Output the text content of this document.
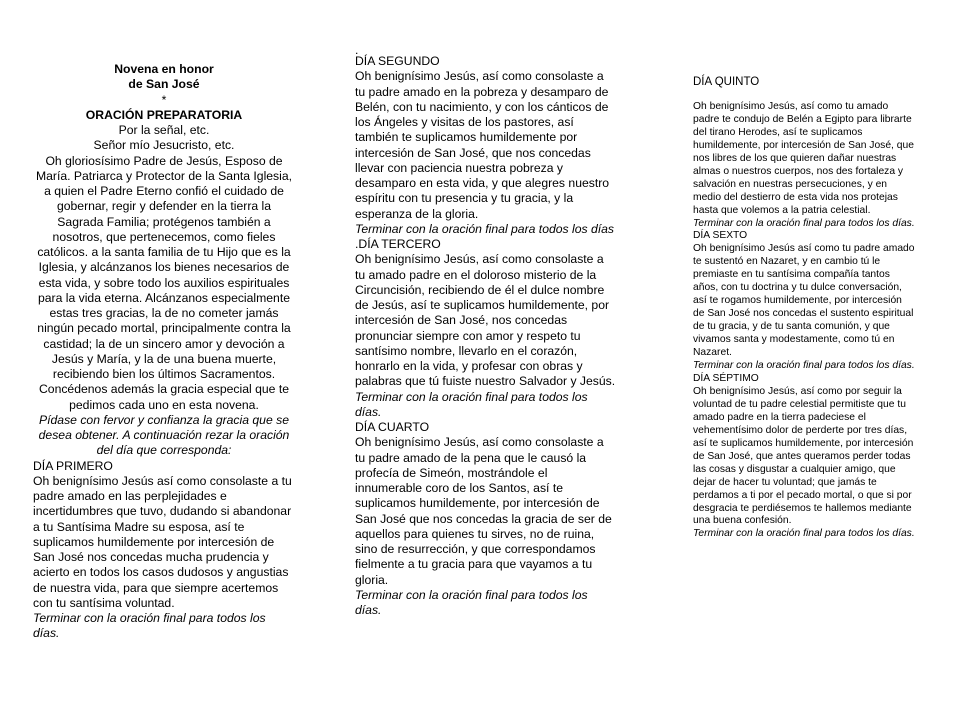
Novena en honor
de San José
*
ORACIÓN PREPARATORIA
Por la señal, etc.
Señor mío Jesucristo, etc.

Oh gloriosísimo Padre de Jesús, Esposo de María. Patriarca y Protector de la Santa Iglesia, a quien el Padre Eterno confió el cuidado de gobernar, regir y defender en la tierra la Sagrada Familia; protégenos también a nosotros, que pertenecemos, como fieles católicos. a la santa familia de tu Hijo que es la Iglesia, y alcánzanos los bienes necesarios de esta vida, y sobre todo los auxilios espirituales para la vida eterna. Alcánzanos especialmente estas tres gracias, la de no cometer jamás ningún pecado mortal, principalmente contra la castidad; la de un sincero amor y devoción a Jesús y María, y la de una buena muerte, recibiendo bien los últimos Sacramentos. Concédenos además la gracia especial que te pedimos cada uno en esta novena.

Pídase con fervor y confianza la gracia que se desea obtener. A continuación rezar la oración del día que corresponda:

DÍA PRIMERO

Oh benignísimo Jesús así como consolaste a tu padre amado en las perplejidades e incertidumbres que tuvo, dudando si abandonar a tu Santísima Madre su esposa, así te suplicamos humildemente por intercesión de San José nos concedas mucha prudencia y acierto en todos los casos dudosos y angustias de nuestra vida, para que siempre acertemos con tu santísima voluntad.

Terminar con la oración final para todos los días.

.
DÍA SEGUNDO

Oh benignísimo Jesús, así como consolaste a tu padre amado en la pobreza y desamparo de Belén, con tu nacimiento, y con los cánticos de los Ángeles y visitas de los pastores, así también te suplicamos humildemente por intercesión de San José, que nos concedas llevar con paciencia nuestra pobreza y desamparo en esta vida, y que alegres nuestro espíritu con tu presencia y tu gracia, y la esperanza de la gloria.

Terminar con la oración final para todos los días

.DÍA TERCERO

Oh benignísimo Jesús, así como consolaste a tu amado padre en el doloroso misterio de la Circuncisión, recibiendo de él el dulce nombre de Jesús, así te suplicamos humildemente, por intercesión de San José, nos concedas pronunciar siempre con amor y respeto tu santísimo nombre, llevarlo en el corazón, honrarlo en la vida, y profesar con obras y palabras que tú fuiste nuestro Salvador y Jesús.

Terminar con la oración final para todos los días.

DÍA CUARTO

Oh benignísimo Jesús, así como consolaste a tu padre amado de la pena que le causó la profecía de Simeón, mostrándole el innumerable coro de los Santos, así te suplicamos humildemente, por intercesión de San José que nos concedas la gracia de ser de aquellos para quienes tu sirves, no de ruina, sino de resurrección, y que correspondamos fielmente a tu gracia para que vayamos a tu gloria.

Terminar con la oración final para todos los días.

DÍA QUINTO

Oh benignísimo Jesús, así como tu amado padre te condujo de Belén a Egipto para librarte del tirano Herodes, así te suplicamos humildemente, por intercesión de San José, que nos libres de los que quieren dañar nuestras almas o nuestros cuerpos, nos des fortaleza y salvación en nuestras persecuciones, y en medio del destierro de esta vida nos protejas hasta que volemos a la patria celestial.

Terminar con la oración final para todos los días.

DÍA SEXTO

Oh benignísimo Jesús así como tu padre amado te sustentó en Nazaret, y en cambio tú le premiaste en tu santísima compañía tantos años, con tu doctrina y tu dulce conversación, así te rogamos humildemente, por intercesión de San José nos concedas el sustento espiritual de tu gracia, y de tu santa comunión, y que vivamos santa y modestamente, como tú en Nazaret.

Terminar con la oración final para todos los días.

DÍA SÉPTIMO

Oh benignísimo Jesús, así como por seguir la voluntad de tu padre celestial permitiste que tu amado padre en la tierra padeciese el vehementísimo dolor de perderte por tres días, así te suplicamos humildemente, por intercesión de San José, que antes queramos perder todas las cosas y disgustar a cualquier amigo, que dejar de hacer tu voluntad; que jamás te perdamos a ti por el pecado mortal, o que si por desgracia te perdiésemos te hallemos mediante una buena confesión.

Terminar con la oración final para todos los días.
